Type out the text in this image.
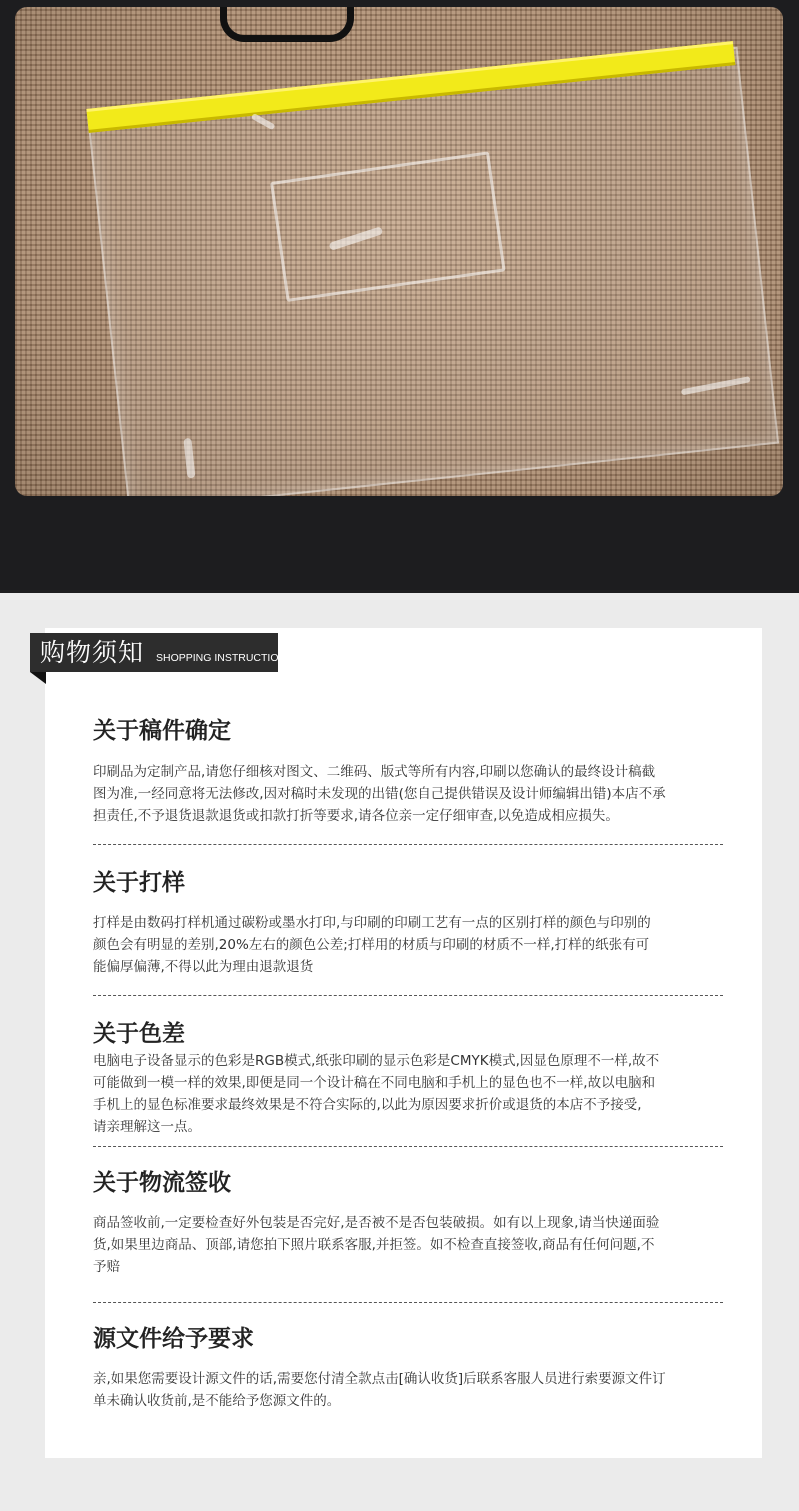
购物须知 SHOPPING INSTRUCTIONS
关于稿件确定

印刷品为定制产品,请您仔细核对图文、二维码、版式等所有内容,印刷以您确认的最终设计稿截

图为准,一经同意将无法修改,因对稿时未发现的出错(您自己提供错误及设计师编辑出错)本店不承

担责任,不予退货退款退货或扣款打折等要求,请各位亲一定仔细审查,以免造成相应损失。

关于打样

打样是由数码打样机通过碳粉或墨水打印,与印刷的印刷工艺有一点的区别打样的颜色与印别的

颜色会有明显的差别,20%左右的颜色公差;打样用的材质与印刷的材质不一样,打样的纸张有可

能偏厚偏薄,不得以此为理由退款退货

关于色差

电脑电子设备显示的色彩是RGB模式,纸张印刷的显示色彩是CMYK模式,因显色原理不一样,故不

可能做到一模一样的效果,即便是同一个设计稿在不同电脑和手机上的显色也不一样,故以电脑和

手机上的显色标准要求最终效果是不符合实际的,以此为原因要求折价或退货的本店不予接受,

请亲理解这一点。

关于物流签收

商品签收前,一定要检查好外包装是否完好,是否被不是否包装破损。如有以上现象,请当快递面验

货,如果里边商品、顶部,请您拍下照片联系客服,并拒签。如不检查直接签收,商品有任何问题,不

予赔

源文件给予要求

亲,如果您需要设计源文件的话,需要您付清全款点击[确认收货]后联系客服人员进行索要源文件订

单未确认收货前,是不能给予您源文件的。
